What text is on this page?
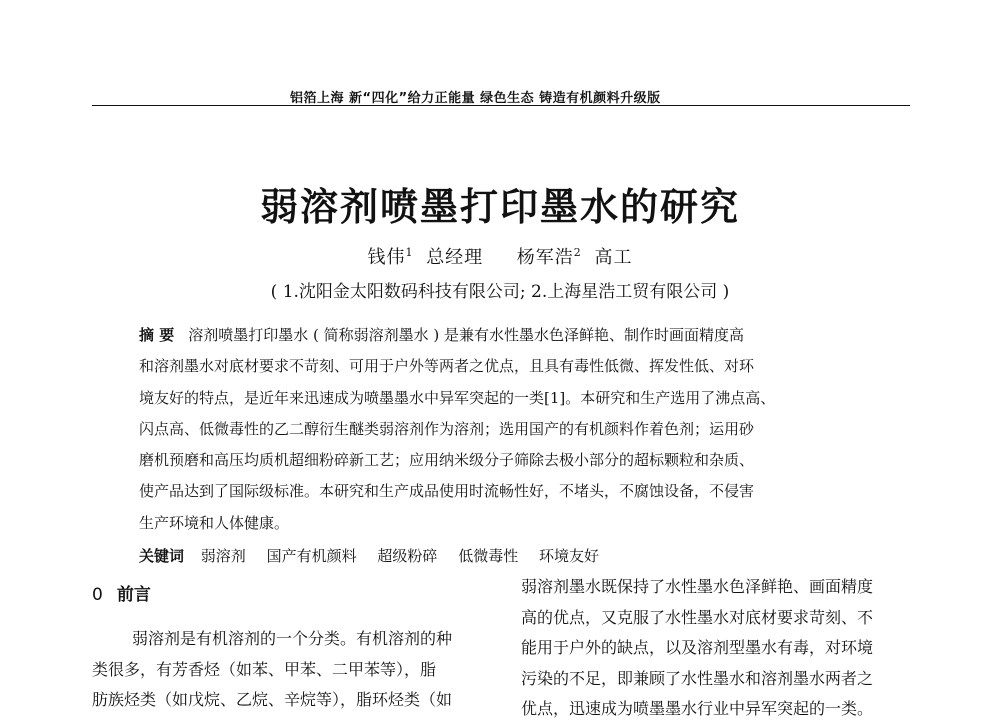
铝箔上海 新“四化”给力正能量 绿色生态 铸造有机颜料升级版
弱溶剂喷墨打印墨水的研究
钱伟$^1$ 总经理 杨军浩$^2$ 高工
( 1.沈阳金太阳数码科技有限公司; 2.上海星浩工贸有限公司 )
摘 要 溶剂喷墨打印墨水 ( 简称弱溶剂墨水 ) 是兼有水性墨水色泽鲜艳、制作时画面精度高
和溶剂墨水对底材要求不苛刻、可用于户外等两者之优点，且具有毒性低微、挥发性低、对环
境友好的特点，是近年来迅速成为喷墨墨水中异军突起的一类[1]。本研究和生产选用了沸点高、
闪点高、低微毒性的乙二醇衍生醚类弱溶剂作为溶剂；选用国产的有机颜料作着色剂；运用砂
磨机预磨和高压均质机超细粉碎新工艺；应用纳米级分子筛除去极小部分的超标颗粒和杂质、
使产品达到了国际级标准。本研究和生产成品使用时流畅性好，不堵头，不腐蚀设备，不侵害
生产环境和人体健康。
关键词 弱溶剂 国产有机颜料 超级粉碎 低微毒性 环境友好
0 前言
弱溶剂是有机溶剂的一个分类。有机溶剂的种
类很多，有芳香烃（如苯、甲苯、二甲苯等），脂
肪族烃类（如戊烷、乙烷、辛烷等），脂环烃类（如
弱溶剂墨水既保持了水性墨水色泽鲜艳、画面精度
高的优点，又克服了水性墨水对底材要求苛刻、不
能用于户外的缺点，以及溶剂型墨水有毒，对环境
污染的不足，即兼顾了水性墨水和溶剂墨水两者之
优点，迅速成为喷墨墨水行业中异军突起的一类。
